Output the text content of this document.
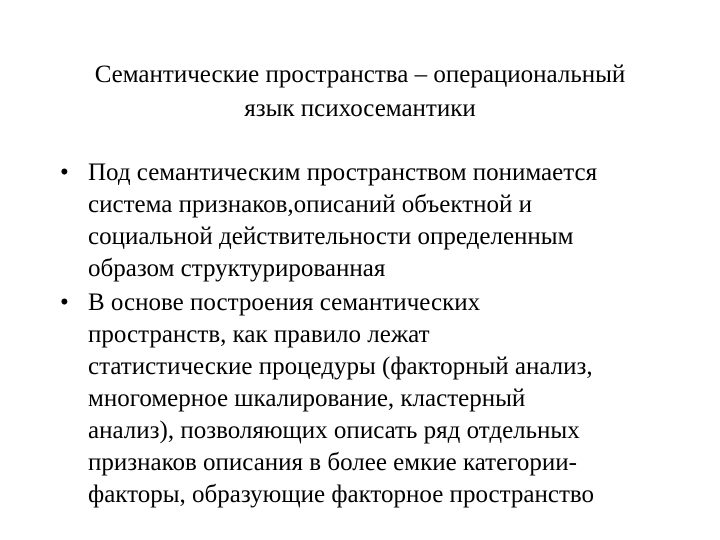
Семантические пространства – операциональный
язык психосемантики
• Под семантическим пространством понимается
система признаков,описаний объектной и
социальной действительности определенным
образом структурированная
• В основе построения семантических
пространств, как правило лежат
статистические процедуры (факторный анализ,
многомерное шкалирование, кластерный
анализ), позволяющих описать ряд отдельных
признаков описания в более емкие категории-
факторы, образующие факторное пространство
